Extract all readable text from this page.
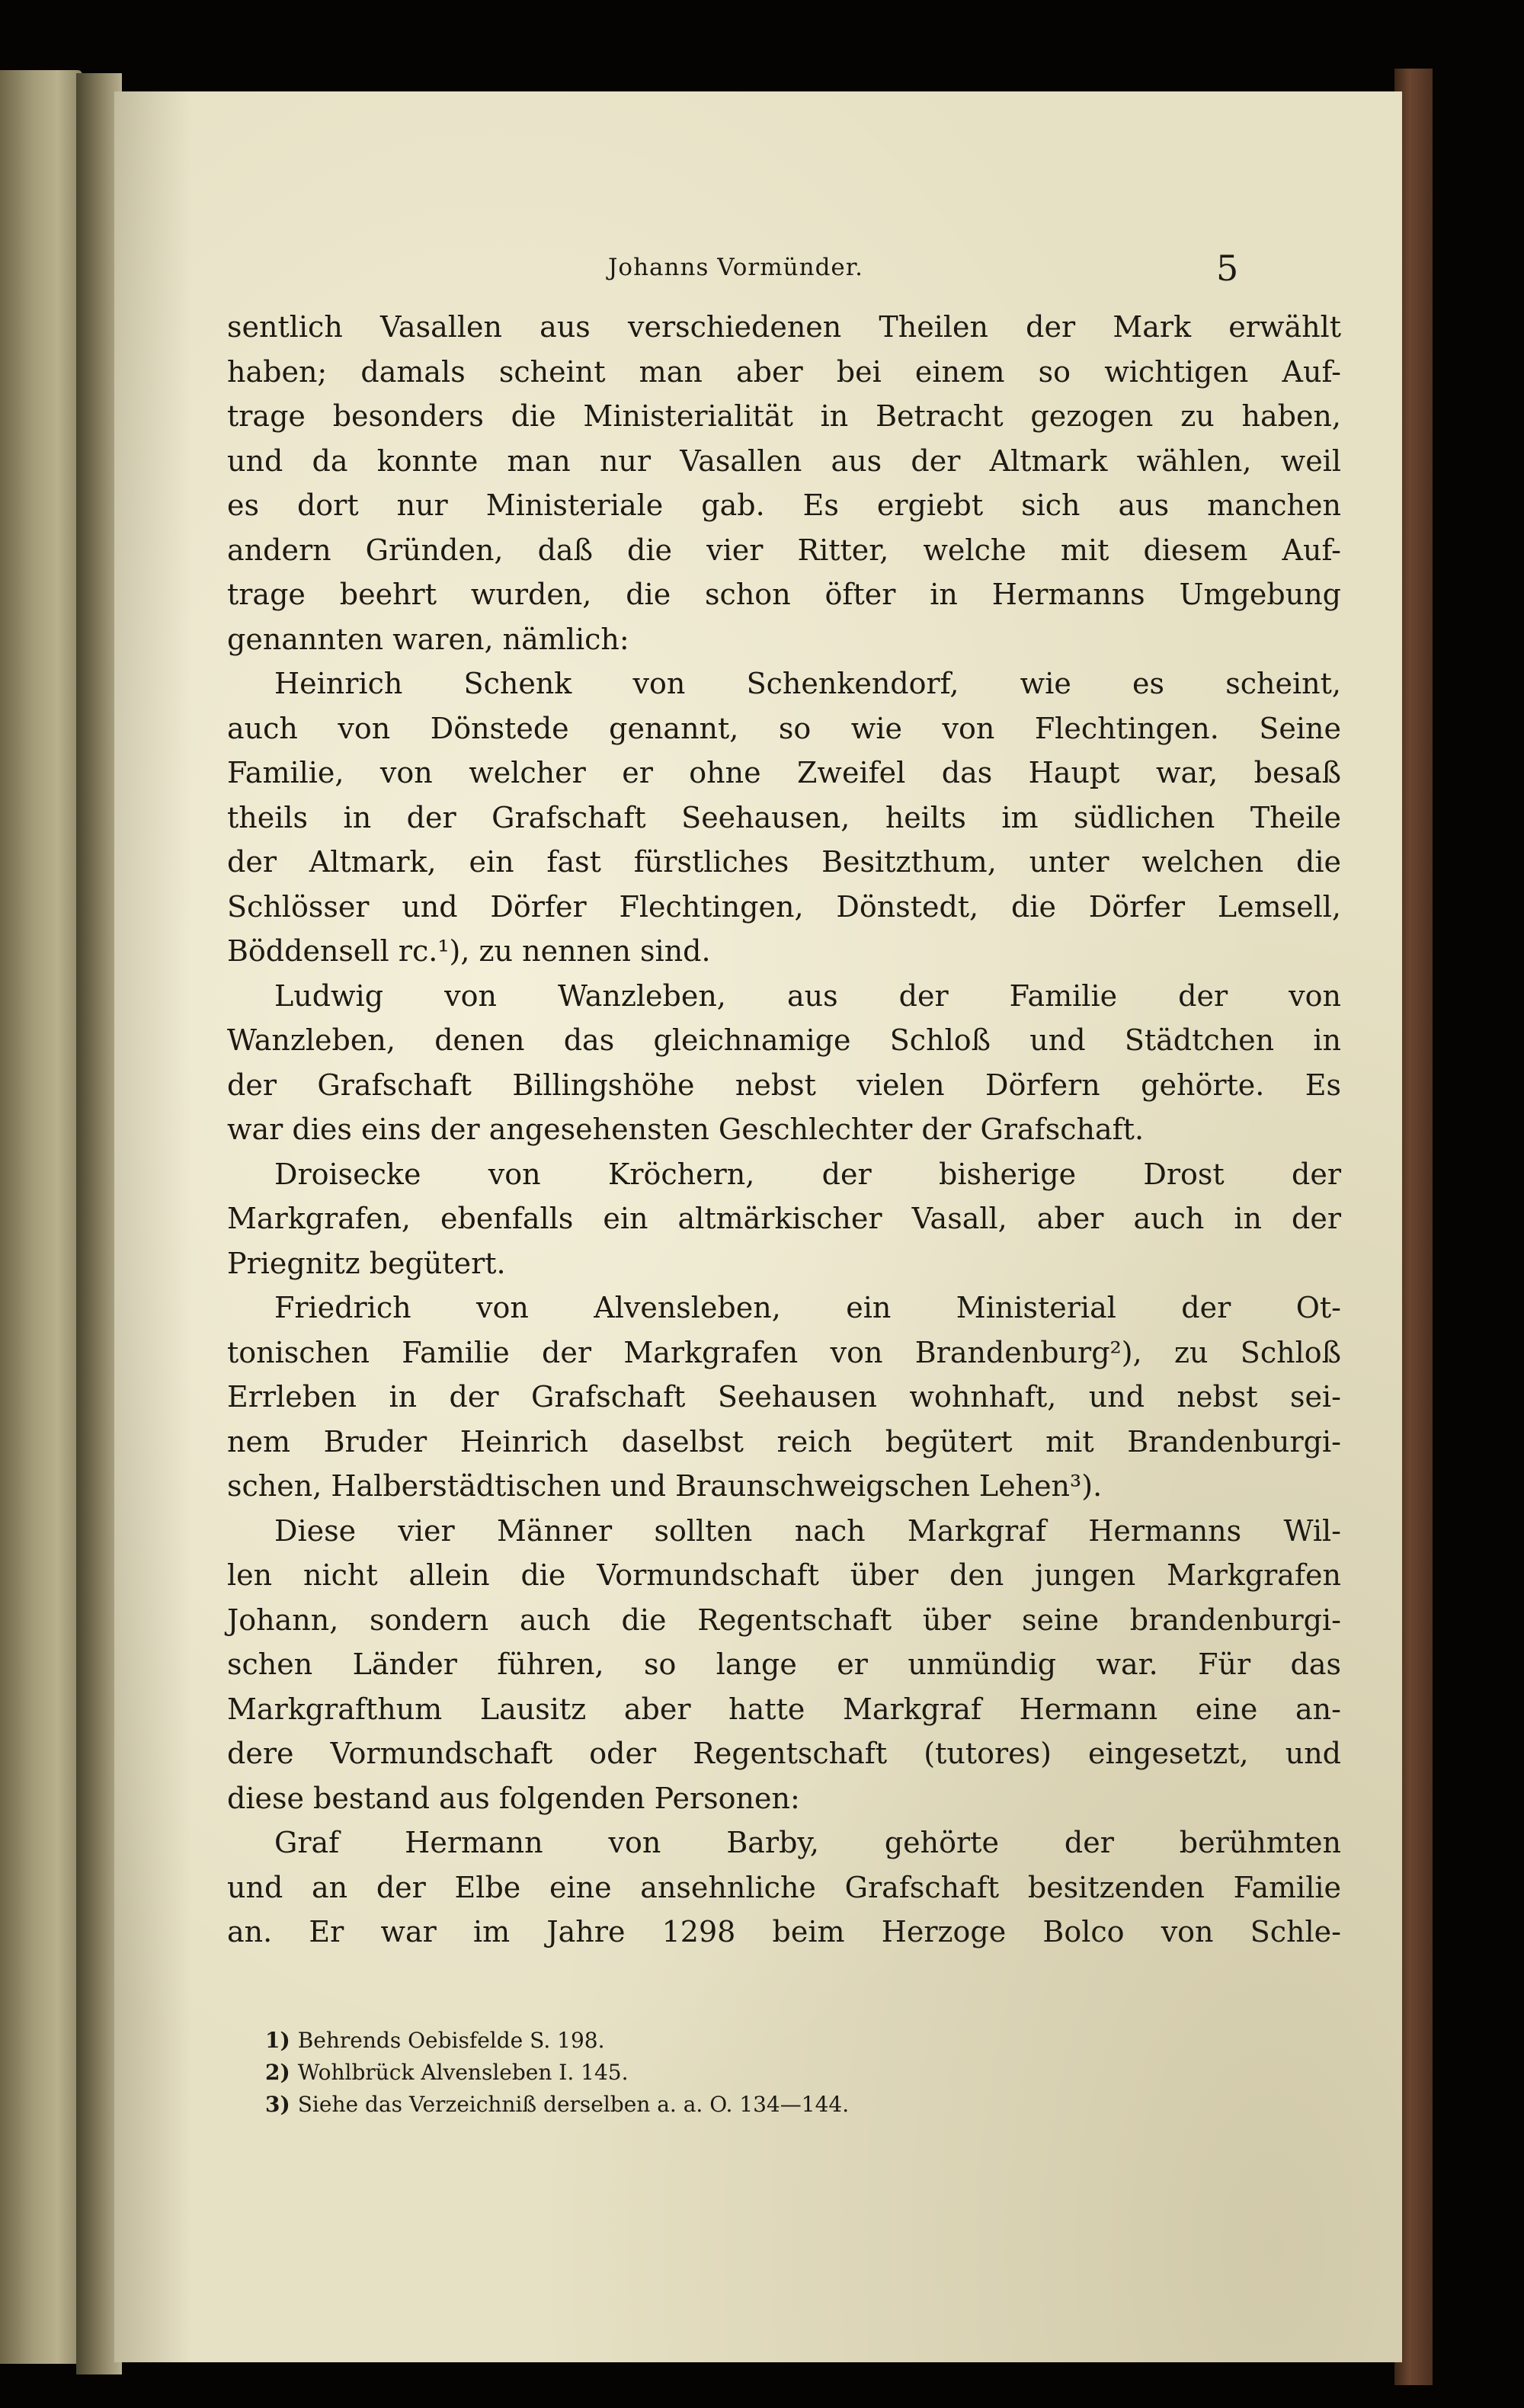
Johanns Vormünder.	5
sentlich Vasallen aus verschiedenen Theilen der Mark erwählt
haben; damals scheint man aber bei einem so wichtigen Auf-
trage besonders die Ministerialität in Betracht gezogen zu haben,
und da konnte man nur Vasallen aus der Altmark wählen, weil
es dort nur Ministeriale gab. Es ergiebt sich aus manchen
andern Gründen, daß die vier Ritter, welche mit diesem Auf-
trage beehrt wurden, die schon öfter in Hermanns Umgebung
genannten waren, nämlich:
Heinrich Schenk von Schenkendorf, wie es scheint,
auch von Dönstede genannt, so wie von Flechtingen. Seine
Familie, von welcher er ohne Zweifel das Haupt war, besaß
theils in der Grafschaft Seehausen, heilts im südlichen Theile
der Altmark, ein fast fürstliches Besitzthum, unter welchen die
Schlösser und Dörfer Flechtingen, Dönstedt, die Dörfer Lemsell,
Böddensell rc.¹), zu nennen sind.
Ludwig von Wanzleben, aus der Familie der von
Wanzleben, denen das gleichnamige Schloß und Städtchen in
der Grafschaft Billingshöhe nebst vielen Dörfern gehörte. Es
war dies eins der angesehensten Geschlechter der Grafschaft.
Droisecke von Kröchern, der bisherige Drost der
Markgrafen, ebenfalls ein altmärkischer Vasall, aber auch in der
Priegnitz begütert.
Friedrich von Alvensleben, ein Ministerial der Ot-
tonischen Familie der Markgrafen von Brandenburg²), zu Schloß
Errleben in der Grafschaft Seehausen wohnhaft, und nebst sei-
nem Bruder Heinrich daselbst reich begütert mit Brandenburgi-
schen, Halberstädtischen und Braunschweigschen Lehen³).
Diese vier Männer sollten nach Markgraf Hermanns Wil-
len nicht allein die Vormundschaft über den jungen Markgrafen
Johann, sondern auch die Regentschaft über seine brandenburgi-
schen Länder führen, so lange er unmündig war. Für das
Markgrafthum Lausitz aber hatte Markgraf Hermann eine an-
dere Vormundschaft oder Regentschaft (tutores) eingesetzt, und
diese bestand aus folgenden Personen:
Graf Hermann von Barby, gehörte der berühmten
und an der Elbe eine ansehnliche Grafschaft besitzenden Familie
an. Er war im Jahre 1298 beim Herzoge Bolco von Schle-
1) Behrends Oebisfelde S. 198.
2) Wohlbrück Alvensleben I. 145.
3) Siehe das Verzeichniß derselben a. a. O. 134—144.
